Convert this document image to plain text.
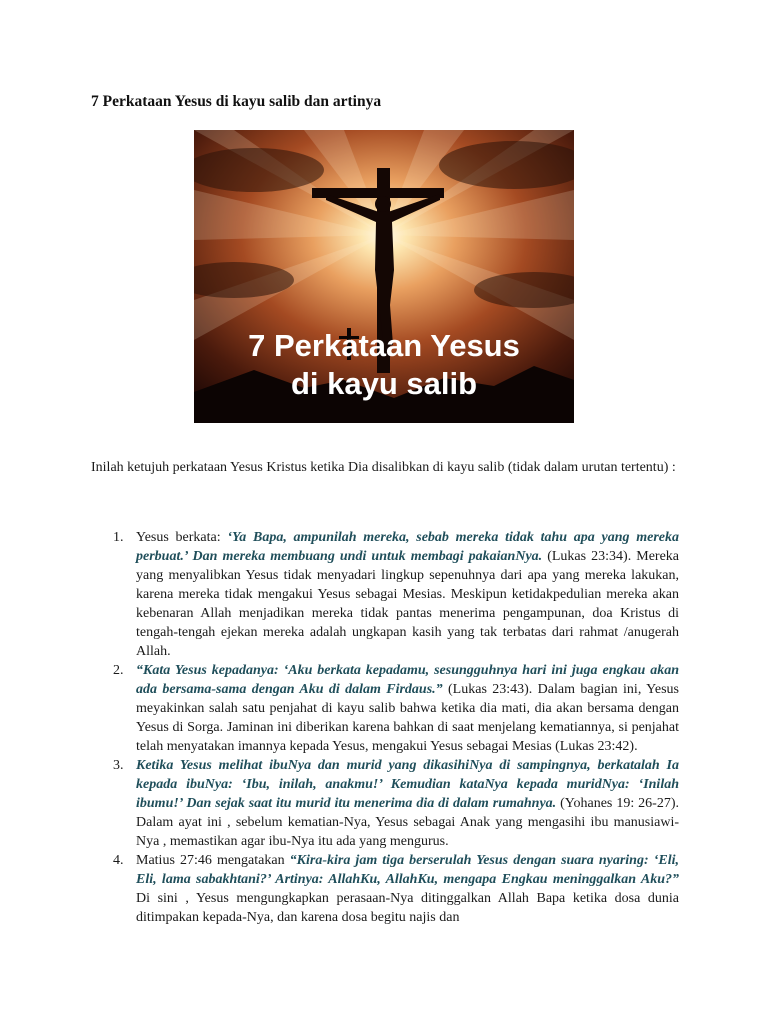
7 Perkataan Yesus di kayu salib dan artinya
7 Perkataan Yesus
di kayu salib

Inilah ketujuh perkataan Yesus Kristus ketika Dia disalibkan di kayu salib (tidak dalam urutan tertentu) :

1. Yesus berkata: ‘Ya Bapa, ampunilah mereka, sebab mereka tidak tahu apa yang mereka perbuat.’ Dan mereka membuang undi untuk membagi pakaianNya. (Lukas 23:34). Mereka yang menyalibkan Yesus tidak menyadari lingkup sepenuhnya dari apa yang mereka lakukan, karena mereka tidak mengakui Yesus sebagai Mesias. Meskipun ketidakpedulian mereka akan kebenaran Allah menjadikan mereka tidak pantas menerima pengampunan, doa Kristus di tengah-tengah ejekan mereka adalah ungkapan kasih yang tak terbatas dari rahmat /anugerah Allah.
2. “Kata Yesus kepadanya: ‘Aku berkata kepadamu, sesungguhnya hari ini juga engkau akan ada bersama-sama dengan Aku di dalam Firdaus.” (Lukas 23:43). Dalam bagian ini, Yesus meyakinkan salah satu penjahat di kayu salib bahwa ketika dia mati, dia akan bersama dengan Yesus di Sorga. Jaminan ini diberikan karena bahkan di saat menjelang kematiannya, si penjahat telah menyatakan imannya kepada Yesus, mengakui Yesus sebagai Mesias (Lukas 23:42).
3. Ketika Yesus melihat ibuNya dan murid yang dikasihiNya di sampingnya, berkatalah Ia kepada ibuNya: ‘Ibu, inilah, anakmu!’ Kemudian kataNya kepada muridNya: ‘Inilah ibumu!’ Dan sejak saat itu murid itu menerima dia di dalam rumahnya. (Yohanes 19: 26-27). Dalam ayat ini , sebelum kematian-Nya, Yesus sebagai Anak yang mengasihi ibu manusiawi-Nya , memastikan agar ibu-Nya itu ada yang mengurus.
4. Matius 27:46 mengatakan “Kira-kira jam tiga berserulah Yesus dengan suara nyaring: ‘Eli, Eli, lama sabakhtani?’ Artinya: AllahKu, AllahKu, mengapa Engkau meninggalkan Aku?” Di sini , Yesus mengungkapkan perasaan-Nya ditinggalkan Allah Bapa ketika dosa dunia ditimpakan kepada-Nya, dan karena dosa begitu najis dan
